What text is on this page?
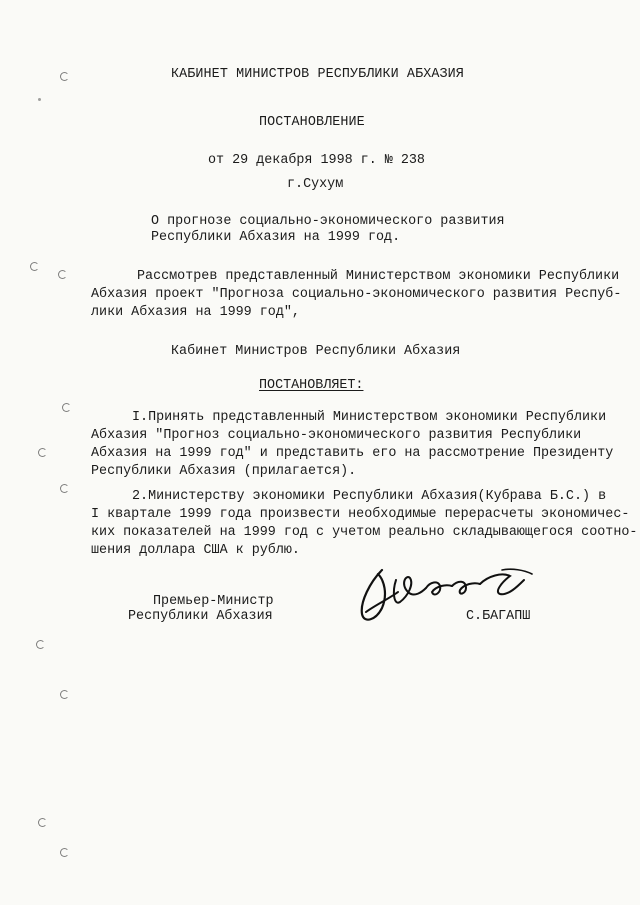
КАБИНЕТ МИНИСТРОВ РЕСПУБЛИКИ АБХАЗИЯ
ПОСТАНОВЛЕНИЕ
от 29 декабря 1998 г. № 238
г.Сухум
О прогнозе социально-экономического развития
Республики Абхазия на 1999 год.
Рассмотрев представленный Министерством экономики Республики
Абхазия проект "Прогноза социально-экономического развития Респуб-
лики Абхазия на 1999 год",
Кабинет Министров Республики Абхазия
ПОСТАНОВЛЯЕТ:
I.Принять представленный Министерством экономики Республики
Абхазия "Прогноз социально-экономического развития Республики
Абхазия на 1999 год" и представить его на рассмотрение Президенту
Республики Абхазия (прилагается).
2.Министерству экономики Республики Абхазия(Кубрава Б.С.) в
I квартале 1999 года произвести необходимые перерасчеты экономичес-
ких показателей на 1999 год с учетом реально складывающегося соотно-
шения доллара США к рублю.
Премьер-Министр
Республики Абхазия	С.БАГАПШ
